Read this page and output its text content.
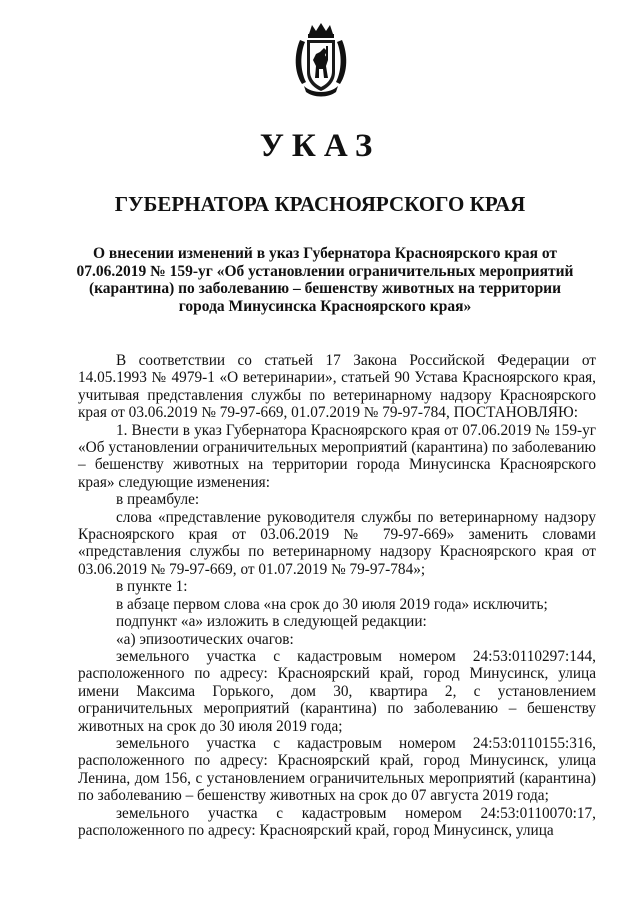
УКАЗ
ГУБЕРНАТОРА КРАСНОЯРСКОГО КРАЯ
О внесении изменений в указ Губернатора Красноярского края от 07.06.2019 № 159-уг «Об установлении ограничительных мероприятий (карантина) по заболеванию – бешенству животных на территории города Минусинска Красноярского края»

В соответствии со статьей 17 Закона Российской Федерации от 14.05.1993 № 4979-1 «О ветеринарии», статьей 90 Устава Красноярского края, учитывая представления службы по ветеринарному надзору Красноярского края от 03.06.2019 № 79-97-669, 01.07.2019 № 79-97-784, ПОСТАНОВЛЯЮ:

1. Внести в указ Губернатора Красноярского края от 07.06.2019 № 159-уг «Об установлении ограничительных мероприятий (карантина) по заболеванию – бешенству животных на территории города Минусинска Красноярского края» следующие изменения:

в преамбуле:

слова «представление руководителя службы по ветеринарному надзору Красноярского края от 03.06.2019 № 79-97-669» заменить словами «представления службы по ветеринарному надзору Красноярского края от 03.06.2019 № 79-97-669, от 01.07.2019 № 79-97-784»;

в пункте 1:

в абзаце первом слова «на срок до 30 июля 2019 года» исключить;

подпункт «а» изложить в следующей редакции:

«а) эпизоотических очагов:

земельного участка с кадастровым номером 24:53:0110297:144, расположенного по адресу: Красноярский край, город Минусинск, улица имени Максима Горького, дом 30, квартира 2, с установлением ограничительных мероприятий (карантина) по заболеванию – бешенству животных на срок до 30 июля 2019 года;

земельного участка с кадастровым номером 24:53:0110155:316, расположенного по адресу: Красноярский край, город Минусинск, улица Ленина, дом 156, с установлением ограничительных мероприятий (карантина) по заболеванию – бешенству животных на срок до 07 августа 2019 года;

земельного участка с кадастровым номером 24:53:0110070:17, расположенного по адресу: Красноярский край, город Минусинск, улица
